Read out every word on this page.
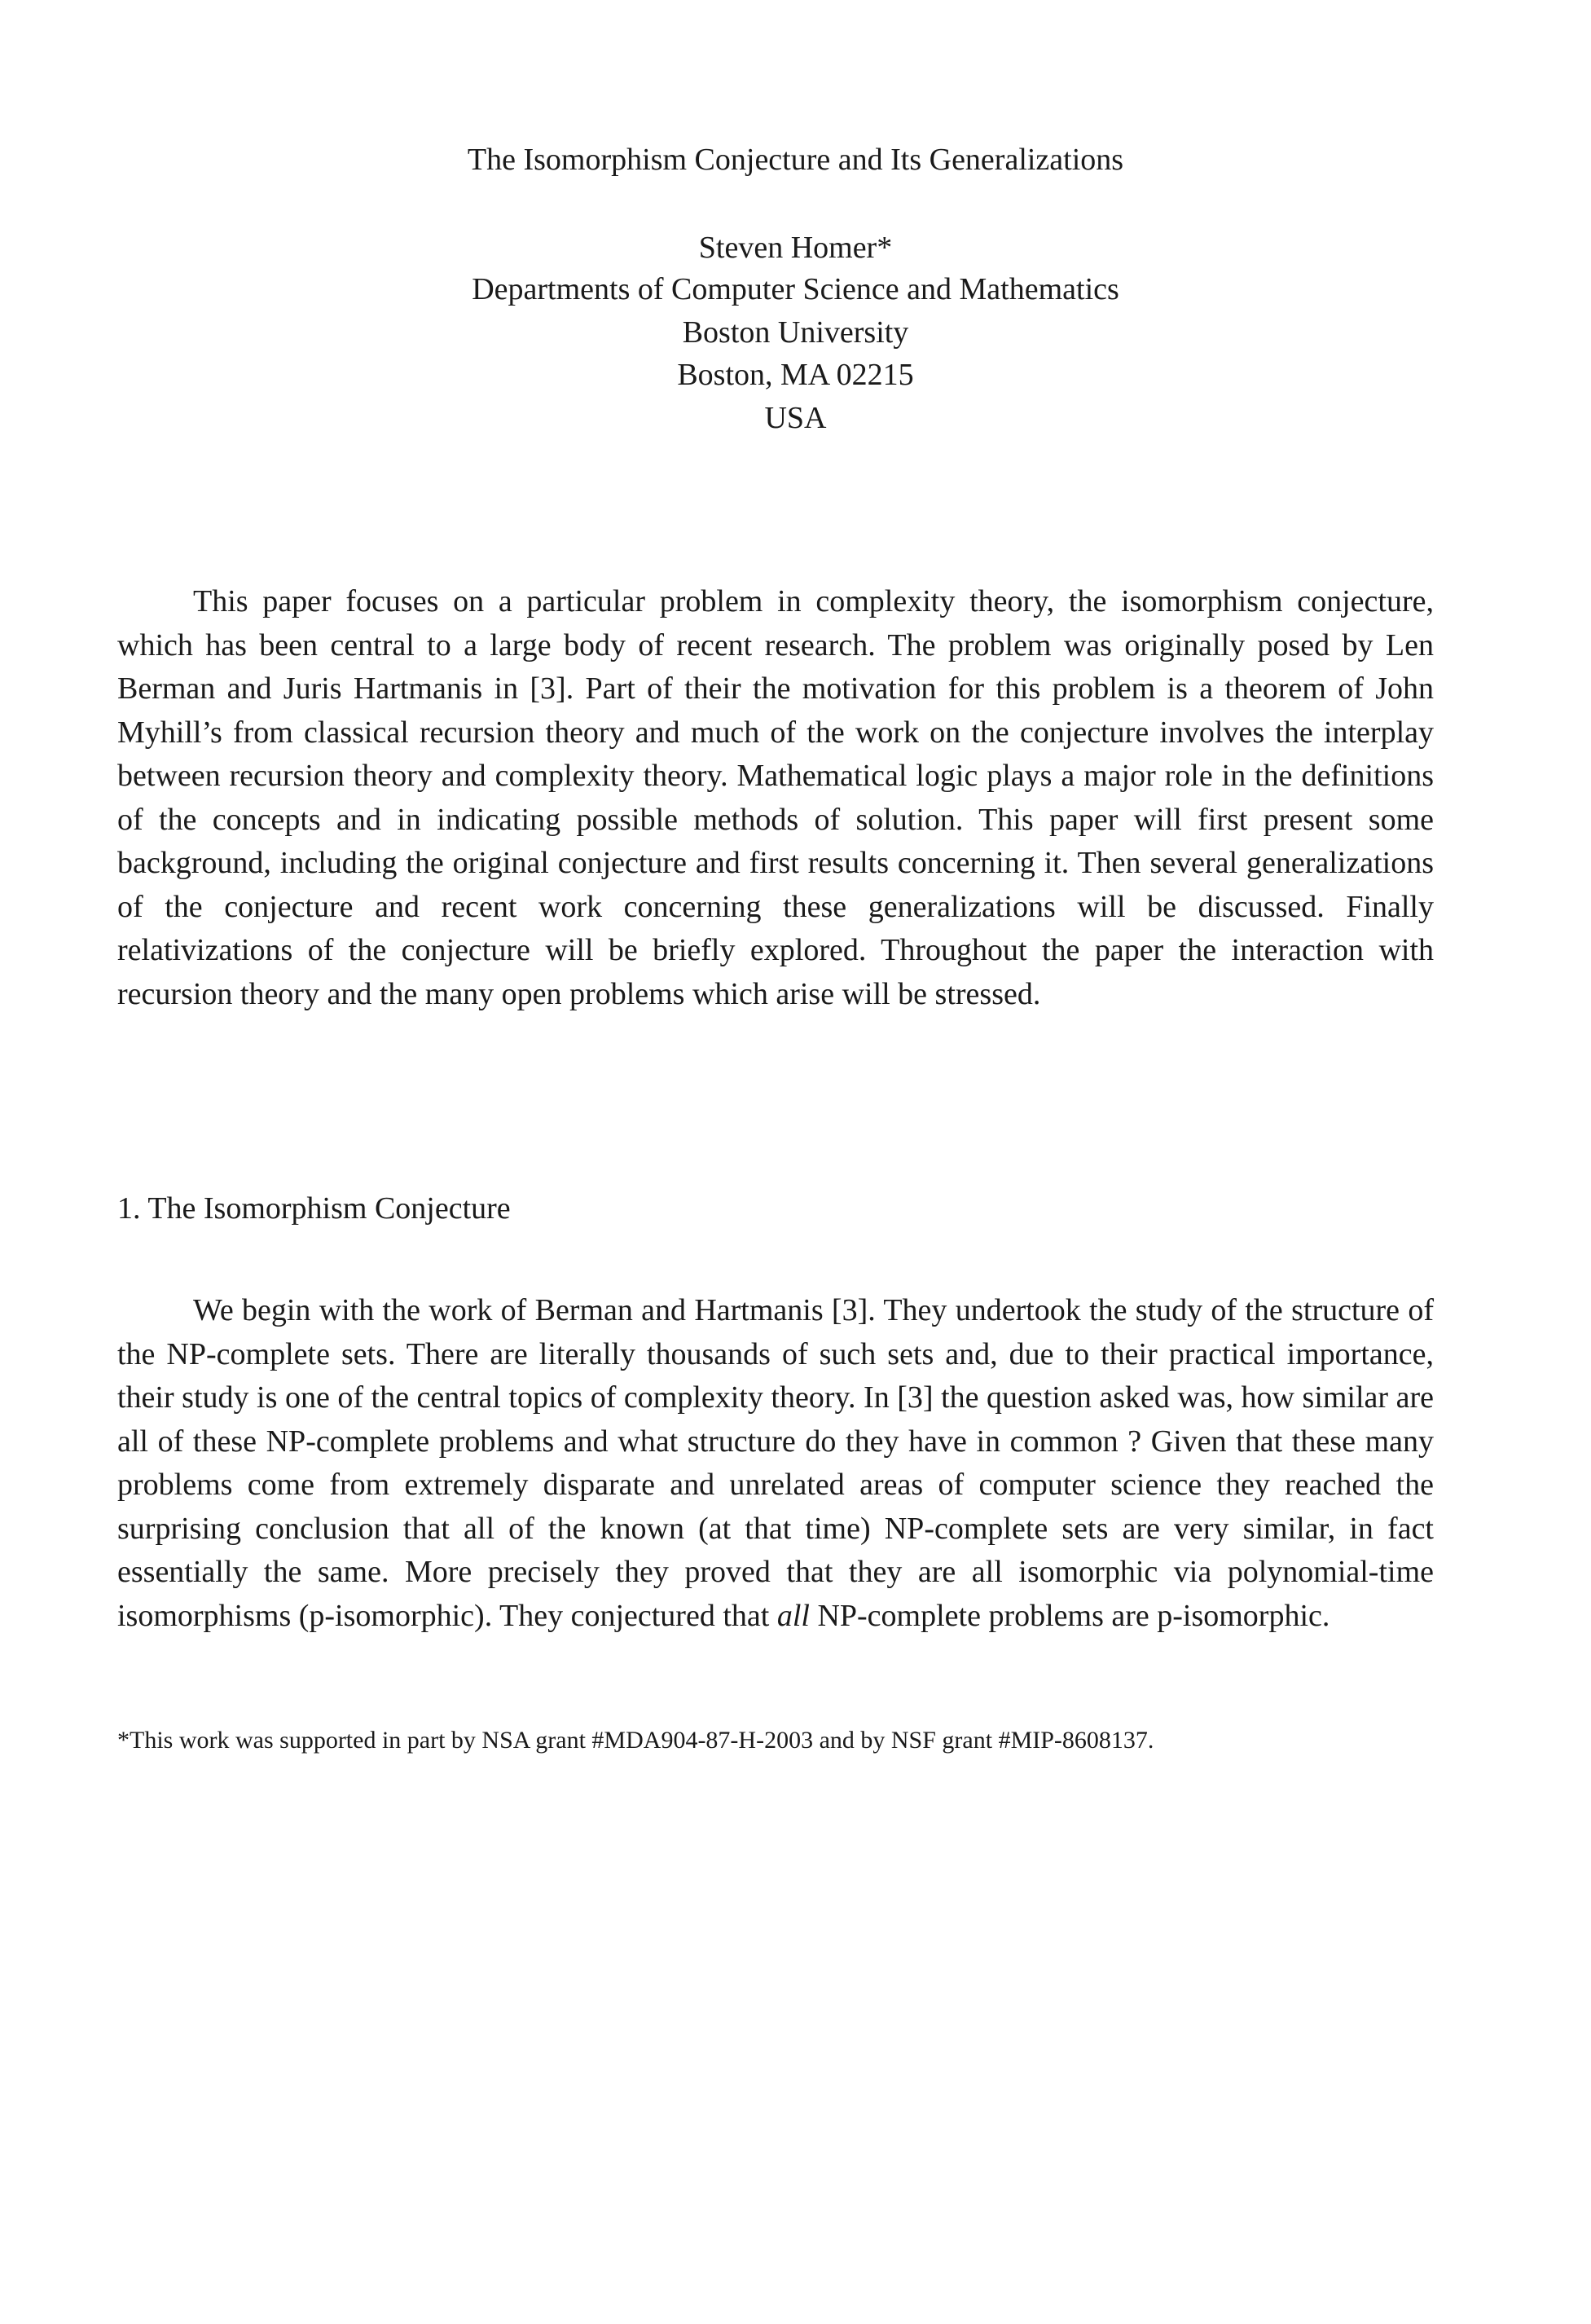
The Isomorphism Conjecture and Its Generalizations
Steven Homer*
Departments of Computer Science and Mathematics
Boston University
Boston, MA 02215
USA

This paper focuses on a particular problem in complexity theory, the isomorphism conjecture, which has been central to a large body of recent research. The problem was originally posed by Len Berman and Juris Hartmanis in [3]. Part of their the motivation for this problem is a theorem of John Myhill’s from classical recursion theory and much of the work on the conjecture involves the interplay between recursion theory and complexity theory. Mathematical logic plays a major role in the definitions of the concepts and in indicating possible methods of solution. This paper will first present some background, including the original conjecture and first results concerning it. Then several generalizations of the conjecture and recent work concerning these generalizations will be discussed. Finally relativizations of the conjecture will be briefly explored. Throughout the paper the interaction with recursion theory and the many open problems which arise will be stressed.

1. The Isomorphism Conjecture

We begin with the work of Berman and Hartmanis [3]. They undertook the study of the structure of the NP-complete sets. There are literally thousands of such sets and, due to their practical importance, their study is one of the central topics of complexity theory. In [3] the question asked was, how similar are all of these NP-complete problems and what structure do they have in common ? Given that these many problems come from extremely disparate and unrelated areas of computer science they reached the surprising conclusion that all of the known (at that time) NP-complete sets are very similar, in fact essentially the same. More precisely they proved that they are all isomorphic via polynomial-time isomorphisms (p-isomorphic). They conjectured that all NP-complete problems are p-isomorphic.

*This work was supported in part by NSA grant #MDA904-87-H-2003 and by NSF grant #MIP-8608137.
